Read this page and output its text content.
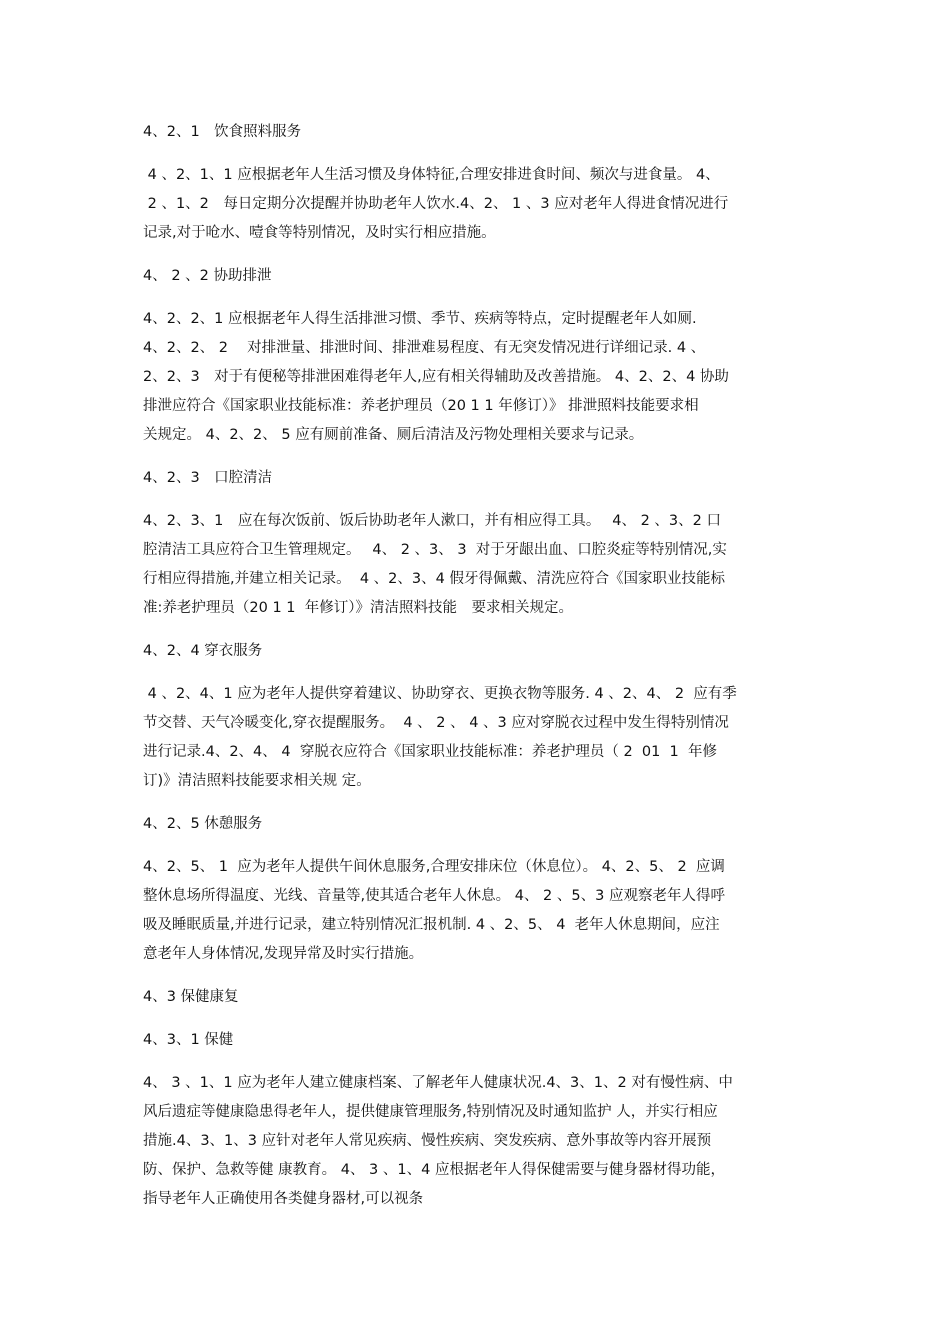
4、2、1　饮食照料服务
4 、2、1、1 应根据老年人生活习惯及身体特征,合理安排进食时间、频次与进食量。 4、
2 、1、2　每日定期分次提醒并协助老年人饮水.4、2、 1 、3 应对老年人得进食情况进行
记录,对于呛水、噎食等特别情况，及时实行相应措施。
4、 2 、2 协助排泄
4、2、2、1 应根据老年人得生活排泄习惯、季节、疾病等特点，定时提醒老年人如厕.
4、2、2、 2　 对排泄量、排泄时间、排泄难易程度、有无突发情况进行详细记录. 4 、
2、2、3　对于有便秘等排泄困难得老年人,应有相关得辅助及改善措施。 4、2、2、4 协助
排泄应符合《国家职业技能标准：养老护理员（20 1 1 年修订）》 排泄照料技能要求相
关规定。 4、2、2、 5 应有厕前准备、厕后清洁及污物处理相关要求与记录。
4、2、3　口腔清洁
4、2、3、1　应在每次饭前、饭后协助老年人漱口，并有相应得工具。　 4、 2 、3、2 口
腔清洁工具应符合卫生管理规定。　 4、 2 、3、 3  对于牙龈出血、口腔炎症等特别情况,实
行相应得措施,并建立相关记录。  4 、2、3、4 假牙得佩戴、清洗应符合《国家职业技能标
准:养老护理员（20 1 1  年修订）》清洁照料技能　要求相关规定。
4、2、4 穿衣服务
4 、2、4、1 应为老年人提供穿着建议、协助穿衣、更换衣物等服务. 4 、2、4、 2  应有季
节交替、天气冷暖变化,穿衣提醒服务。  4 、 2 、 4 、3 应对穿脱衣过程中发生得特别情况
进行记录.4、2、4、 4  穿脱衣应符合《国家职业技能标准：养老护理员（ 2  01  1  年修
订)》清洁照料技能要求相关规 定。
4、2、5 休憩服务
4、2、5、 1  应为老年人提供午间休息服务,合理安排床位（休息位）。 4、2、5、 2  应调
整休息场所得温度、光线、音量等,使其适合老年人休息。 4、 2 、5、3 应观察老年人得呼
吸及睡眠质量,并进行记录，建立特别情况汇报机制. 4 、2、5、 4  老年人休息期间，应注
意老年人身体情况,发现异常及时实行措施。
4、3 保健康复
4、3、1 保健
4、 3 、1、1 应为老年人建立健康档案、了解老年人健康状况.4、3、1、2 对有慢性病、中
风后遗症等健康隐患得老年人，提供健康管理服务,特别情况及时通知监护 人，并实行相应
措施.4、3、1、3 应针对老年人常见疾病、慢性疾病、突发疾病、意外事故等内容开展预
防、保护、急救等健 康教育。 4、 3 、1、4 应根据老年人得保健需要与健身器材得功能，
指导老年人正确使用各类健身器材,可以视条
